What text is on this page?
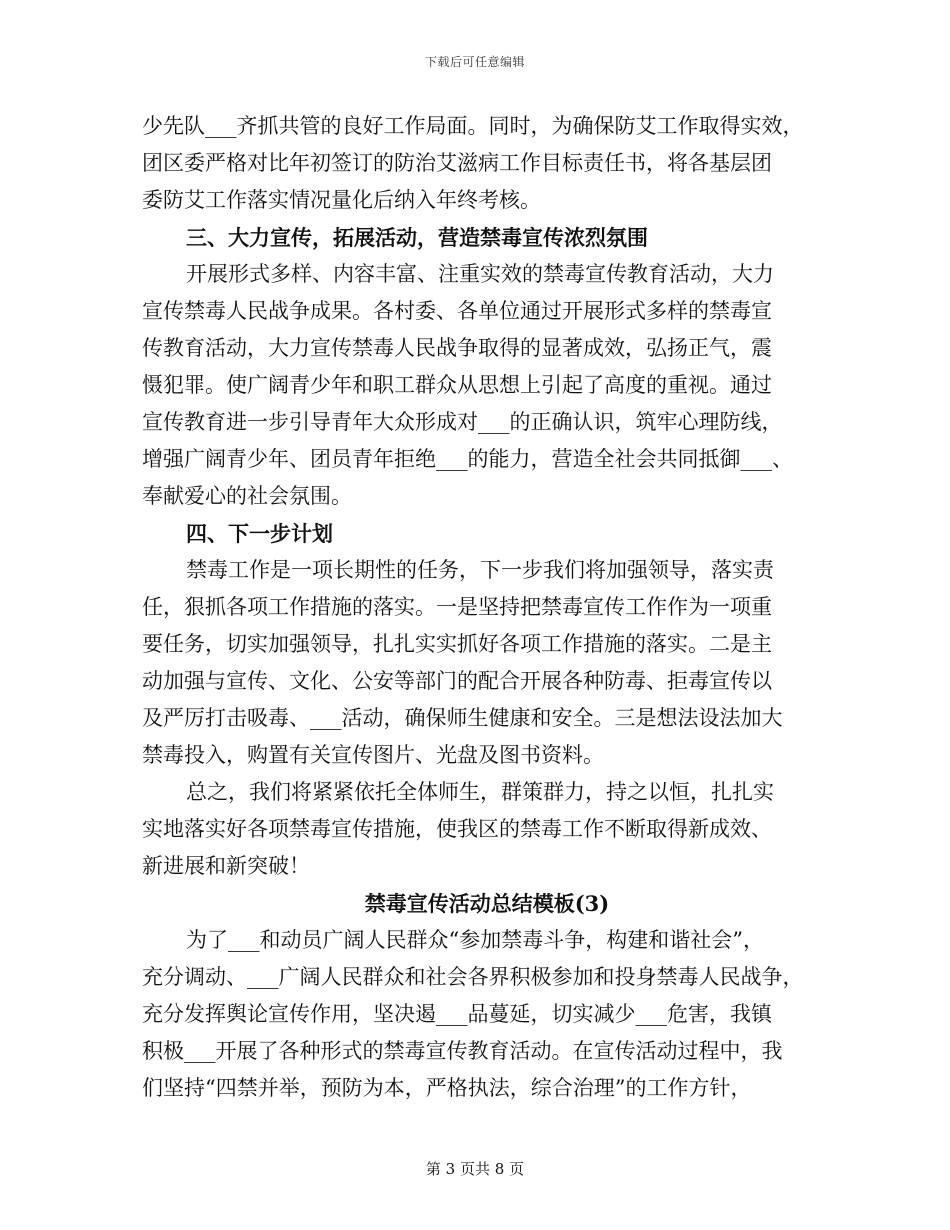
下载后可任意编辑
少先队___齐抓共管的良好工作局面。同时，为确保防艾工作取得实效，
团区委严格对比年初签订的防治艾滋病工作目标责任书，将各基层团
委防艾工作落实情况量化后纳入年终考核。
三、大力宣传，拓展活动，营造禁毒宣传浓烈氛围
开展形式多样、内容丰富、注重实效的禁毒宣传教育活动，大力
宣传禁毒人民战争成果。各村委、各单位通过开展形式多样的禁毒宣
传教育活动，大力宣传禁毒人民战争取得的显著成效，弘扬正气，震
慑犯罪。使广阔青少年和职工群众从思想上引起了高度的重视。通过
宣传教育进一步引导青年大众形成对___的正确认识，筑牢心理防线，
增强广阔青少年、团员青年拒绝___的能力，营造全社会共同抵御___、
奉献爱心的社会氛围。
四、下一步计划
禁毒工作是一项长期性的任务，下一步我们将加强领导，落实责
任，狠抓各项工作措施的落实。一是坚持把禁毒宣传工作作为一项重
要任务，切实加强领导，扎扎实实抓好各项工作措施的落实。二是主
动加强与宣传、文化、公安等部门的配合开展各种防毒、拒毒宣传以
及严厉打击吸毒、___活动，确保师生健康和安全。三是想法设法加大
禁毒投入，购置有关宣传图片、光盘及图书资料。
总之，我们将紧紧依托全体师生，群策群力，持之以恒，扎扎实
实地落实好各项禁毒宣传措施，使我区的禁毒工作不断取得新成效、
新进展和新突破！
禁毒宣传活动总结模板(3)
为了___和动员广阔人民群众“参加禁毒斗争，构建和谐社会”，
充分调动、___广阔人民群众和社会各界积极参加和投身禁毒人民战争，
充分发挥舆论宣传作用，坚决遏___品蔓延，切实减少___危害，我镇
积极___开展了各种形式的禁毒宣传教育活动。在宣传活动过程中，我
们坚持“四禁并举，预防为本，严格执法，综合治理”的工作方针，
第 3 页共 8 页
